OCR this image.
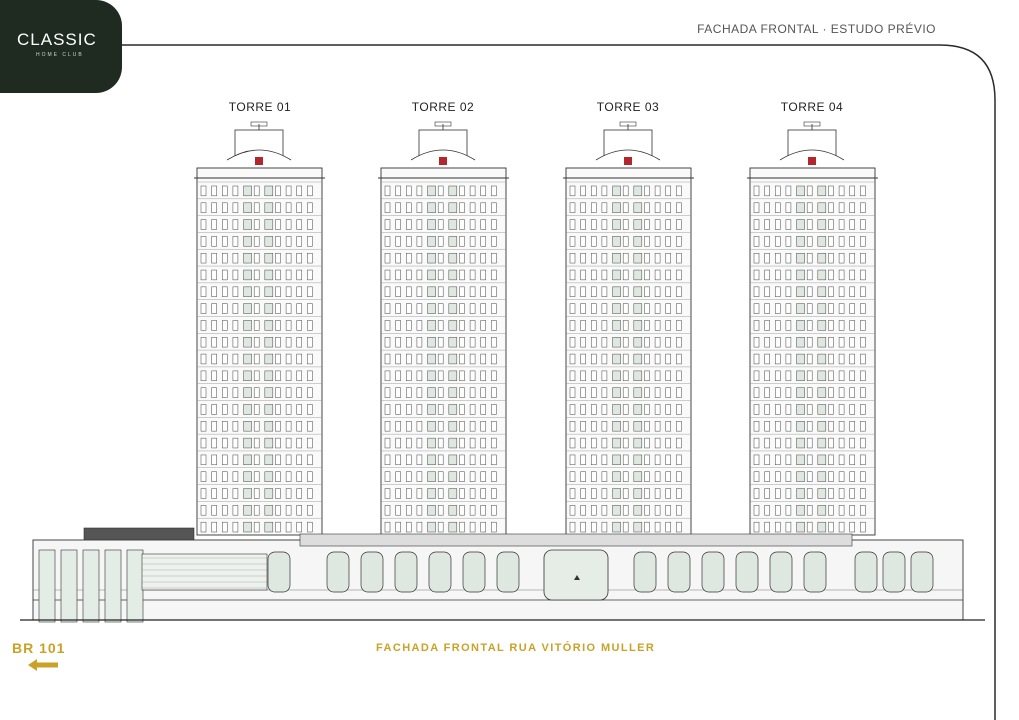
CLASSIC
HOME CLUB
FACHADA FRONTAL · ESTUDO PRÉVIO
TORRE 01	TORRE 02	TORRE 03	TORRE 04
BR 101	FACHADA FRONTAL RUA VITÓRIO MULLER
